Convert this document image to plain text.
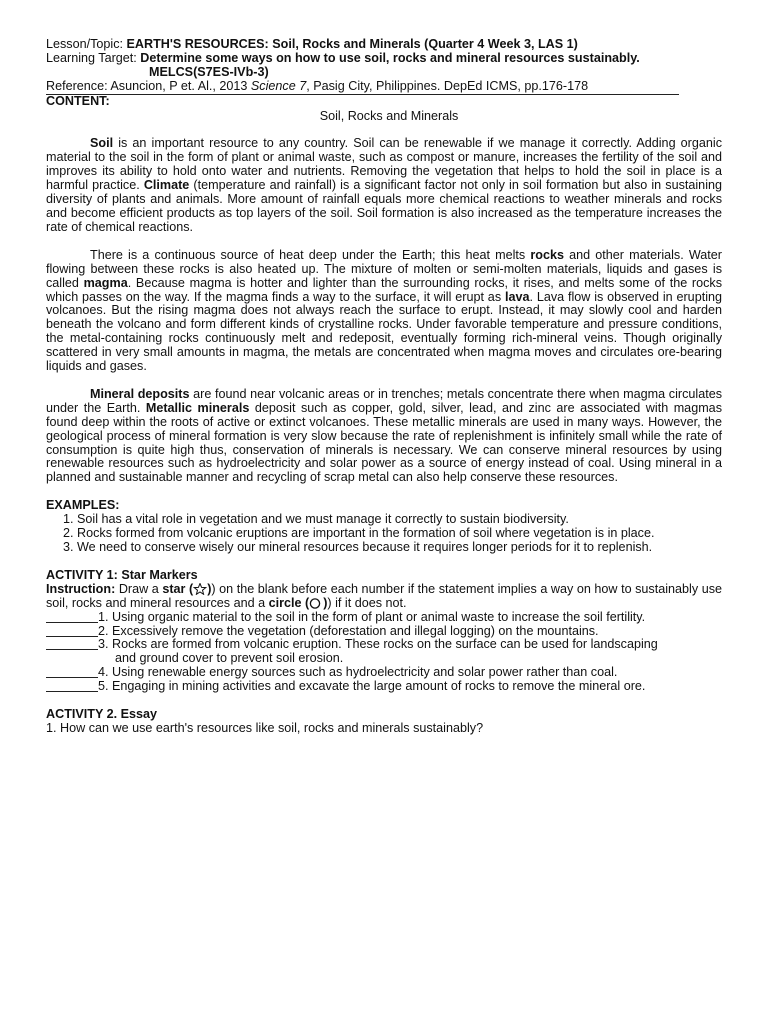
Lesson/Topic: EARTH'S RESOURCES: Soil, Rocks and Minerals (Quarter 4 Week 3, LAS 1)
Learning Target: Determine some ways on how to use soil, rocks and mineral resources sustainably.
MELCS(S7ES-IVb-3)
Reference: Asuncion, P et. Al., 2013 Science 7, Pasig City, Philippines. DepEd ICMS, pp.176-178
CONTENT:
Soil, Rocks and Minerals

Soil is an important resource to any country. Soil can be renewable if we manage it correctly. Adding organic material to the soil in the form of plant or animal waste, such as compost or manure, increases the fertility of the soil and improves its ability to hold onto water and nutrients. Removing the vegetation that helps to hold the soil in place is a harmful practice. Climate (temperature and rainfall) is a significant factor not only in soil formation but also in sustaining diversity of plants and animals. More amount of rainfall equals more chemical reactions to weather minerals and rocks and become efficient products as top layers of the soil. Soil formation is also increased as the temperature increases the rate of chemical reactions.

There is a continuous source of heat deep under the Earth; this heat melts rocks and other materials. Water flowing between these rocks is also heated up. The mixture of molten or semi-molten materials, liquids and gases is called magma. Because magma is hotter and lighter than the surrounding rocks, it rises, and melts some of the rocks which passes on the way. If the magma finds a way to the surface, it will erupt as lava. Lava flow is observed in erupting volcanoes. But the rising magma does not always reach the surface to erupt. Instead, it may slowly cool and harden beneath the volcano and form different kinds of crystalline rocks. Under favorable temperature and pressure conditions, the metal-containing rocks continuously melt and redeposit, eventually forming rich-mineral veins. Though originally scattered in very small amounts in magma, the metals are concentrated when magma moves and circulates ore-bearing liquids and gases.

Mineral deposits are found near volcanic areas or in trenches; metals concentrate there when magma circulates under the Earth. Metallic minerals deposit such as copper, gold, silver, lead, and zinc are associated with magmas found deep within the roots of active or extinct volcanoes. These metallic minerals are used in many ways. However, the geological process of mineral formation is very slow because the rate of replenishment is infinitely small while the rate of consumption is quite high thus, conservation of minerals is necessary. We can conserve mineral resources by using renewable resources such as hydroelectricity and solar power as a source of energy instead of coal. Using mineral in a planned and sustainable manner and recycling of scrap metal can also help conserve these resources.

EXAMPLES:
1. Soil has a vital role in vegetation and we must manage it correctly to sustain biodiversity.
2. Rocks formed from volcanic eruptions are important in the formation of soil where vegetation is in place.
3. We need to conserve wisely our mineral resources because it requires longer periods for it to replenish.
ACTIVITY 1: Star Markers
Instruction: Draw a star ( )) on the blank before each number if the statement implies a way on how to sustainably use soil, rocks and mineral resources and a circle ( )) if it does not.
1. Using organic material to the soil in the form of plant or animal waste to increase the soil fertility.
2. Excessively remove the vegetation (deforestation and illegal logging) on the mountains.
3. Rocks are formed from volcanic eruption. These rocks on the surface can be used for landscaping
and ground cover to prevent soil erosion.
4. Using renewable energy sources such as hydroelectricity and solar power rather than coal.
5. Engaging in mining activities and excavate the large amount of rocks to remove the mineral ore.
ACTIVITY 2. Essay
1. How can we use earth's resources like soil, rocks and minerals sustainably?
